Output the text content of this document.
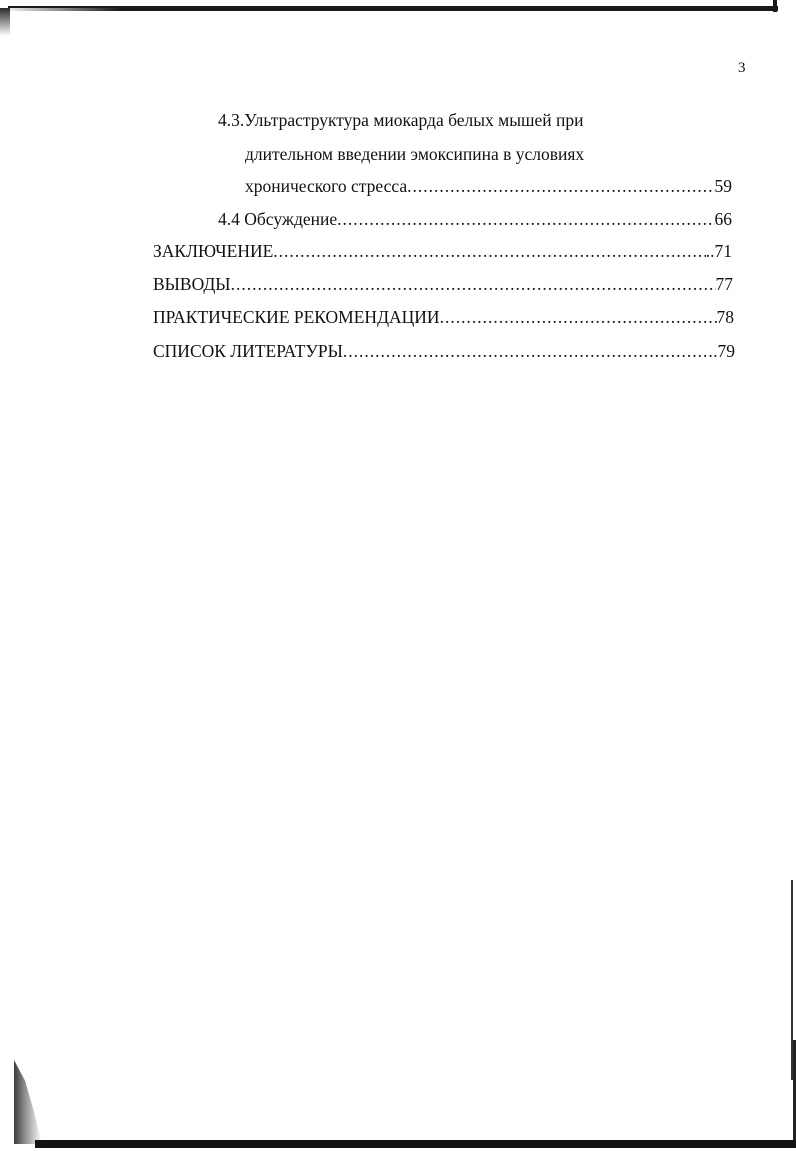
3
4.3.Ультраструктура миокарда белых мышей при
длительном введении эмоксипина в условиях
хронического стресса .....	59
4.4 Обсуждение .....	66
ЗАКЛЮЧЕНИЕ .....	..71
ВЫВОДЫ .....	77
ПРАКТИЧЕСКИЕ РЕКОМЕНДАЦИИ .....	78
СПИСОК ЛИТЕРАТУРЫ .....	.79
